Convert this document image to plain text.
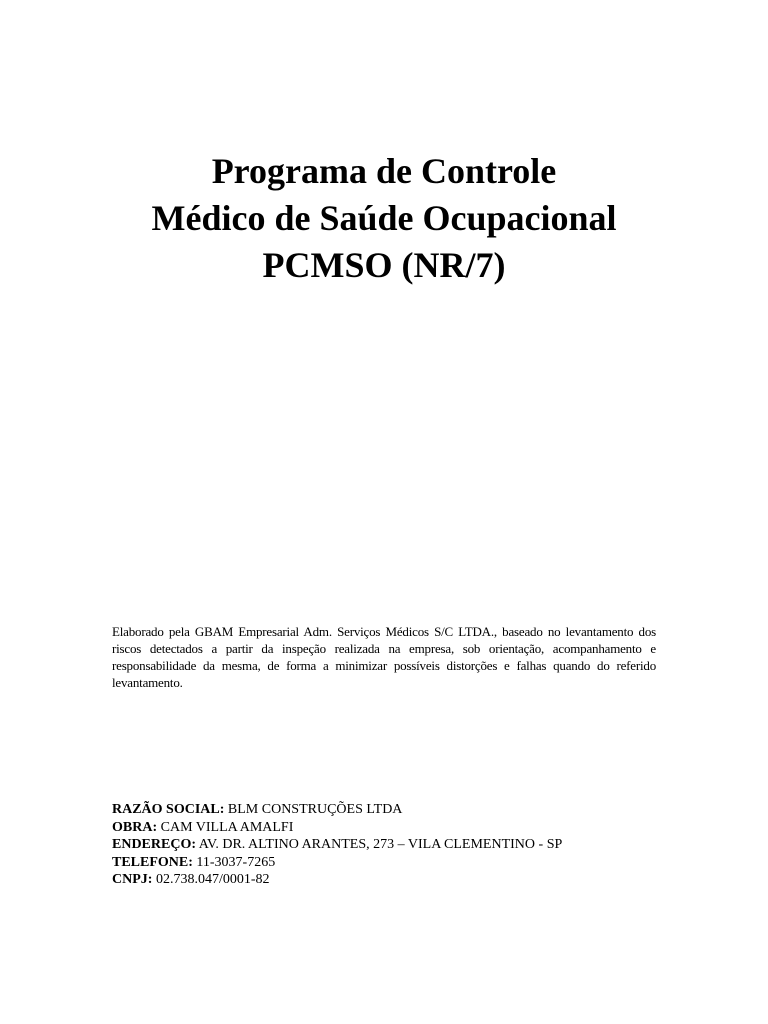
Programa de Controle
Médico de Saúde Ocupacional
PCMSO (NR/7)

Elaborado pela GBAM Empresarial Adm. Serviços Médicos S/C LTDA., baseado no levantamento dos riscos detectados a partir da inspeção realizada na empresa, sob orientação, acompanhamento e responsabilidade da mesma, de forma a minimizar possíveis distorções e falhas quando do referido levantamento.

RAZÃO SOCIAL: BLM CONSTRUÇÕES LTDA
OBRA: CAM VILLA AMALFI
ENDEREÇO: AV. DR. ALTINO ARANTES, 273 – VILA CLEMENTINO - SP
TELEFONE: 11-3037-7265
CNPJ: 02.738.047/0001-82
